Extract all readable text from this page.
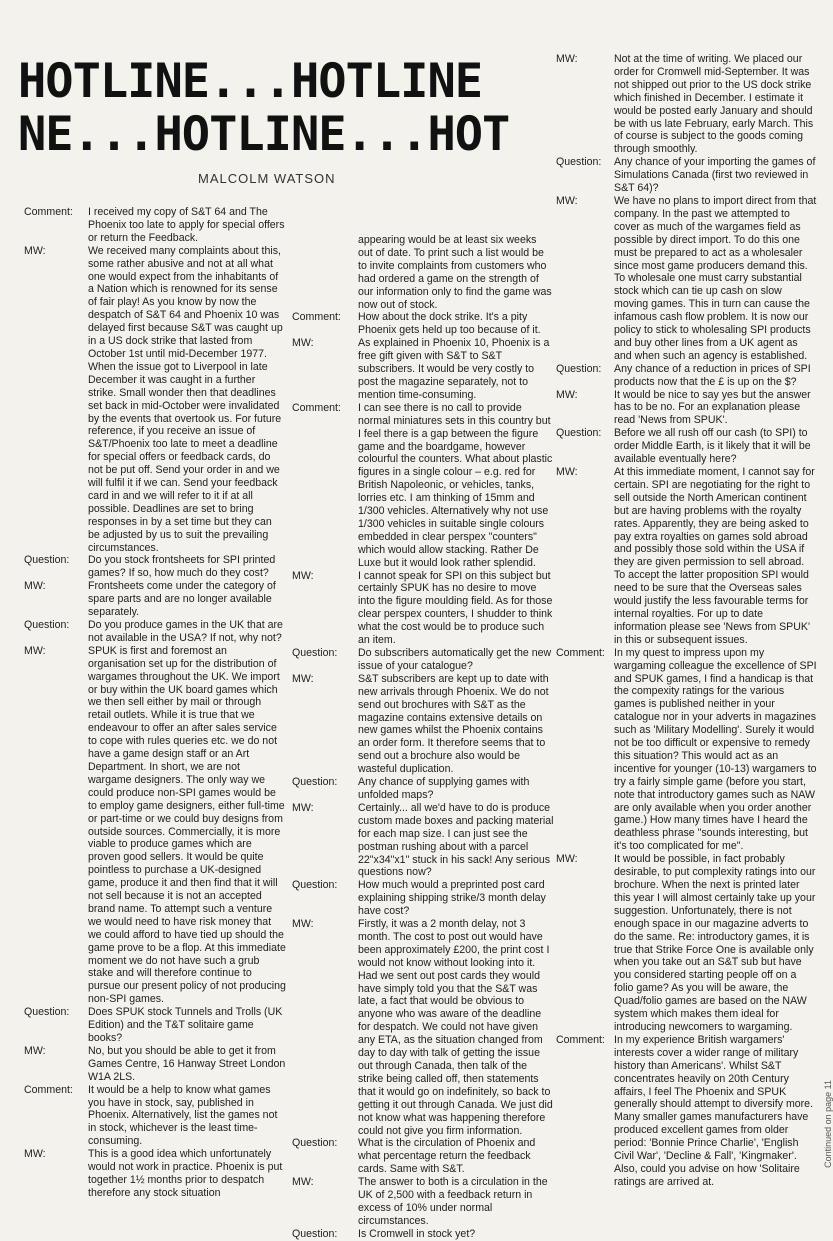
HOTLINE...HOTLINE
NE...HOTLINE...HOT
MALCOLM WATSON
Comment:	I received my copy of S&T 64 and The Phoenix too late to apply for special offers or return the Feedback.
MW:	We received many complaints about this, some rather abusive and not at all what one would expect from the inhabitants of a Nation which is renowned for its sense of fair play! As you know by now the despatch of S&T 64 and Phoenix 10 was delayed first because S&T was caught up in a US dock strike that lasted from October 1st until mid-December 1977. When the issue got to Liverpool in late December it was caught in a further strike. Small wonder then that deadlines set back in mid-October were invalidated by the events that overtook us. For future reference, if you receive an issue of S&T/Phoenix too late to meet a deadline for special offers or feedback cards, do not be put off. Send your order in and we will fulfil it if we can. Send your feedback card in and we will refer to it if at all possible. Deadlines are set to bring responses in by a set time but they can be adjusted by us to suit the prevailing circumstances.
Question:	Do you stock frontsheets for SPI printed games? If so, how much do they cost?
MW:	Frontsheets come under the category of spare parts and are no longer available separately.
Question:	Do you produce games in the UK that are not available in the USA? If not, why not?
MW:	SPUK is first and foremost an organisation set up for the distribution of wargames throughout the UK. We import or buy within the UK board games which we then sell either by mail or through retail outlets. While it is true that we endeavour to offer an after sales service to cope with rules queries etc. we do not have a game design staff or an Art Department. In short, we are not wargame designers. The only way we could produce non-SPI games would be to employ game designers, either full-time or part-time or we could buy designs from outside sources. Commercially, it is more viable to produce games which are proven good sellers. It would be quite pointless to purchase a UK-designed game, produce it and then find that it will not sell because it is not an accepted brand name. To attempt such a venture we would need to have risk money that we could afford to have tied up should the game prove to be a flop. At this immediate moment we do not have such a grub stake and will therefore continue to pursue our present policy of not producing non-SPI games.
Question:	Does SPUK stock Tunnels and Trolls (UK Edition) and the T&T solitaire game books?
MW:	No, but you should be able to get it from Games Centre, 16 Hanway Street London W1A 2LS.
Comment:	It would be a help to know what games you have in stock, say, published in Phoenix. Alternatively, list the games not in stock, whichever is the least time-consuming.
MW:	This is a good idea which unfortunately would not work in practice. Phoenix is put together 1½ months prior to despatch therefore any stock situation
appearing would be at least six weeks out of date. To print such a list would be to invite complaints from customers who had ordered a game on the strength of our information only to find the game was now out of stock.
Comment:	How about the dock strike. It's a pity Phoenix gets held up too because of it.
MW:	As explained in Phoenix 10, Phoenix is a free gift given with S&T to S&T subscribers. It would be very costly to post the magazine separately, not to mention time-consuming.
Comment:	I can see there is no call to provide normal miniatures sets in this country but I feel there is a gap between the figure game and the boardgame, however colourful the counters. What about plastic figures in a single colour – e.g. red for British Napoleonic, or vehicles, tanks, lorries etc. I am thinking of 15mm and 1/300 vehicles. Alternatively why not use 1/300 vehicles in suitable single colours embedded in clear perspex "counters" which would allow stacking. Rather De Luxe but it would look rather splendid.
MW:	I cannot speak for SPI on this subject but certainly SPUK has no desire to move into the figure moulding field. As for those clear perspex counters, I shudder to think what the cost would be to produce such an item.
Question:	Do subscribers automatically get the new issue of your catalogue?
MW:	S&T subscribers are kept up to date with new arrivals through Phoenix. We do not send out brochures with S&T as the magazine contains extensive details on new games whilst the Phoenix contains an order form. It therefore seems that to send out a brochure also would be wasteful duplication.
Question:	Any chance of supplying games with unfolded maps?
MW:	Certainly... all we'd have to do is produce custom made boxes and packing material for each map size. I can just see the postman rushing about with a parcel 22"x34"x1" stuck in his sack! Any serious questions now?
Question:	How much would a preprinted post card explaining shipping strike/3 month delay have cost?
MW:	Firstly, it was a 2 month delay, not 3 month. The cost to post out would have been approximately £200, the print cost I would not know without looking into it. Had we sent out post cards they would have simply told you that the S&T was late, a fact that would be obvious to anyone who was aware of the deadline for despatch. We could not have given any ETA, as the situation changed from day to day with talk of getting the issue out through Canada, then talk of the strike being called off, then statements that it would go on indefinitely, so back to getting it out through Canada. We just did not know what was happening therefore could not give you firm information.
Question:	What is the circulation of Phoenix and what percentage return the feedback cards. Same with S&T.
MW:	The answer to both is a circulation in the UK of 2,500 with a feedback return in excess of 10% under normal circumstances.
Question:	Is Cromwell in stock yet?
MW:	Not at the time of writing. We placed our order for Cromwell mid-September. It was not shipped out prior to the US dock strike which finished in December. I estimate it would be posted early January and should be with us late February, early March. This of course is subject to the goods coming through smoothly.
Question:	Any chance of your importing the games of Simulations Canada (first two reviewed in S&T 64)?
MW:	We have no plans to import direct from that company. In the past we attempted to cover as much of the wargames field as possible by direct import. To do this one must be prepared to act as a wholesaler since most game producers demand this. To wholesale one must carry substantial stock which can tie up cash on slow moving games. This in turn can cause the infamous cash flow problem. It is now our policy to stick to wholesaling SPI products and buy other lines from a UK agent as and when such an agency is established.
Question:	Any chance of a reduction in prices of SPI products now that the £ is up on the $?
MW:	It would be nice to say yes but the answer has to be no. For an explanation please read 'News from SPUK'.
Question:	Before we all rush off our cash (to SPI) to order Middle Earth, is it likely that it will be available eventually here?
MW:	At this immediate moment, I cannot say for certain. SPI are negotiating for the right to sell outside the North American continent but are having problems with the royalty rates. Apparently, they are being asked to pay extra royalties on games sold abroad and possibly those sold within the USA if they are given permission to sell abroad. To accept the latter proposition SPI would need to be sure that the Overseas sales would justify the less favourable terms for internal royalties. For up to date information please see 'News from SPUK' in this or subsequent issues.
Comment: In my quest to impress upon my wargaming colleague the excellence of SPI and SPUK games, I find a handicap is that the compexity ratings for the various games is published neither in your catalogue nor in your adverts in magazines such as 'Military Modelling'. Surely it would not be too difficult or expensive to remedy this situation? This would act as an incentive for younger (10-13) wargamers to try a fairly simple game (before you start, note that introductory games such as NAW are only available when you order another game.) How many times have I heard the deathless phrase "sounds interesting, but it's too complicated for me".
MW:	It would be possible, in fact probably desirable, to put complexity ratings into our brochure. When the next is printed later this year I will almost certainly take up your suggestion. Unfortunately, there is not enough space in our magazine adverts to do the same. Re: introductory games, it is true that Strike Force One is available only when you take out an S&T sub but have you considered starting people off on a folio game? As you will be aware, the Quad/folio games are based on the NAW system which makes them ideal for introducing newcomers to wargaming.
Comment: In my experience British wargamers' interests cover a wider range of military history than Americans'. Whilst S&T concentrates heavily on 20th Century affairs, I feel The Phoenix and SPUK generally should attempt to diversify more. Many smaller games manufacturers have produced excellent games from older period: 'Bonnie Prince Charlie', 'English Civil War', 'Decline & Fall', 'Kingmaker'. Also, could you advise on how 'Solitaire ratings are arrived at.
Continued on page 11
